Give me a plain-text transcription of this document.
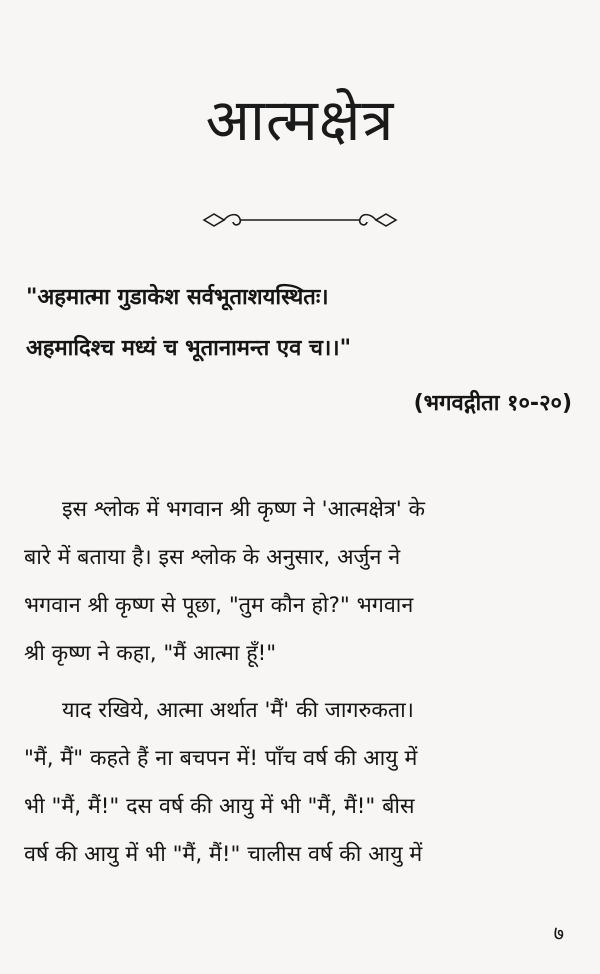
आत्मक्षेत्र
"अहमात्मा गुडाकेश सर्वभूताशयस्थितः।
अहमादिश्च मध्यं च भूतानामन्त एव च।।"
(भगवद्गीता १०-२०)
इस श्लोक में भगवान श्री कृष्ण ने 'आत्मक्षेत्र' के
बारे में बताया है। इस श्लोक के अनुसार, अर्जुन ने
भगवान श्री कृष्ण से पूछा, "तुम कौन हो?" भगवान
श्री कृष्ण ने कहा, "मैं आत्मा हूँ!"
याद रखिये, आत्मा अर्थात 'मैं' की जागरुकता।
"मैं, मैं" कहते हैं ना बचपन में! पाँच वर्ष की आयु में
भी "मैं, मैं!" दस वर्ष की आयु में भी "मैं, मैं!" बीस
वर्ष की आयु में भी "मैं, मैं!" चालीस वर्ष की आयु में
७
